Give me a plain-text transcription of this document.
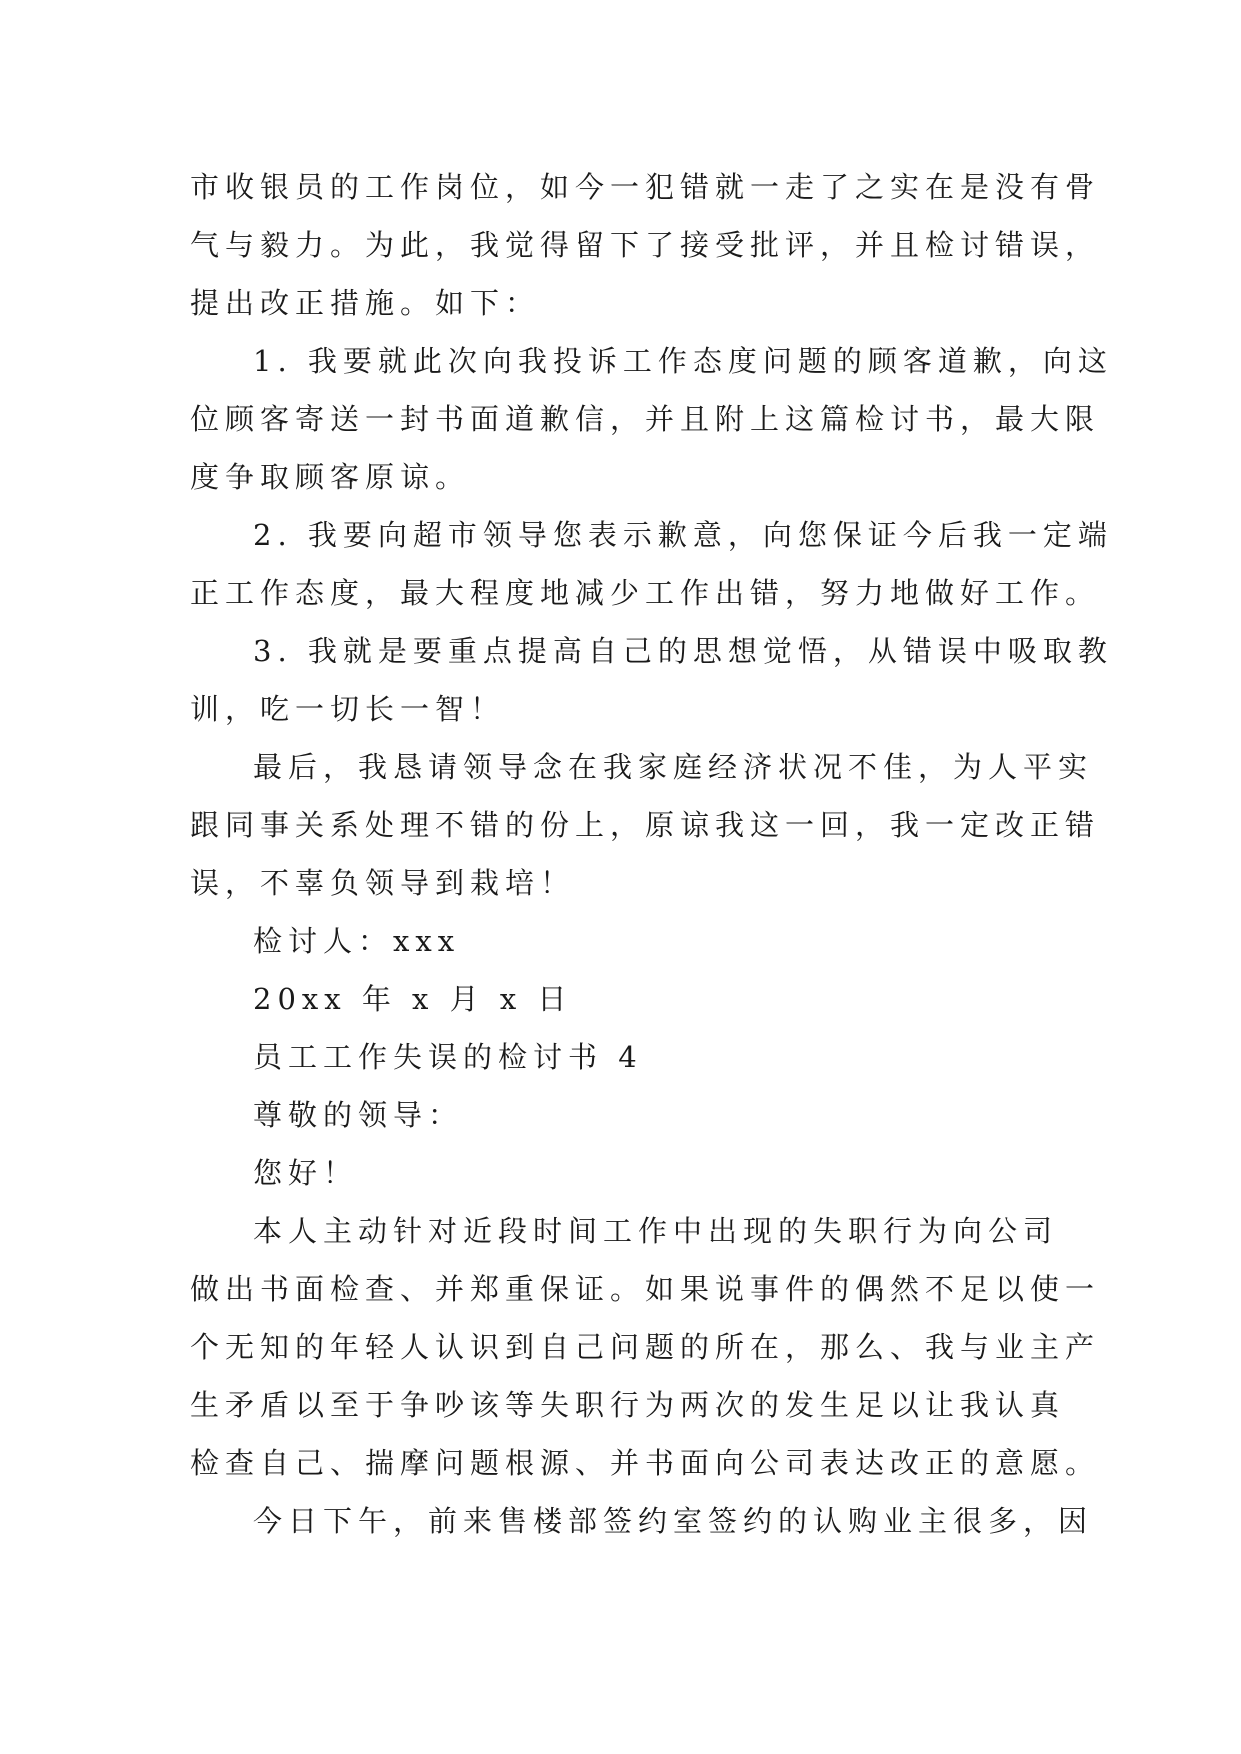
市收银员的工作岗位，如今一犯错就一走了之实在是没有骨
气与毅力。为此，我觉得留下了接受批评，并且检讨错误，
提出改正措施。如下：
1. 我要就此次向我投诉工作态度问题的顾客道歉，向这
位顾客寄送一封书面道歉信，并且附上这篇检讨书，最大限
度争取顾客原谅。
2. 我要向超市领导您表示歉意，向您保证今后我一定端
正工作态度，最大程度地减少工作出错，努力地做好工作。
3. 我就是要重点提高自己的思想觉悟，从错误中吸取教
训，吃一切长一智！
最后，我恳请领导念在我家庭经济状况不佳，为人平实
跟同事关系处理不错的份上，原谅我这一回，我一定改正错
误，不辜负领导到栽培！
检讨人：xxx
20xx 年 x 月 x 日
员工工作失误的检讨书 4
尊敬的领导：
您好！
本人主动针对近段时间工作中出现的失职行为向公司
做出书面检查、并郑重保证。如果说事件的偶然不足以使一
个无知的年轻人认识到自己问题的所在，那么、我与业主产
生矛盾以至于争吵该等失职行为两次的发生足以让我认真
检查自己、揣摩问题根源、并书面向公司表达改正的意愿。
今日下午，前来售楼部签约室签约的认购业主很多，因
